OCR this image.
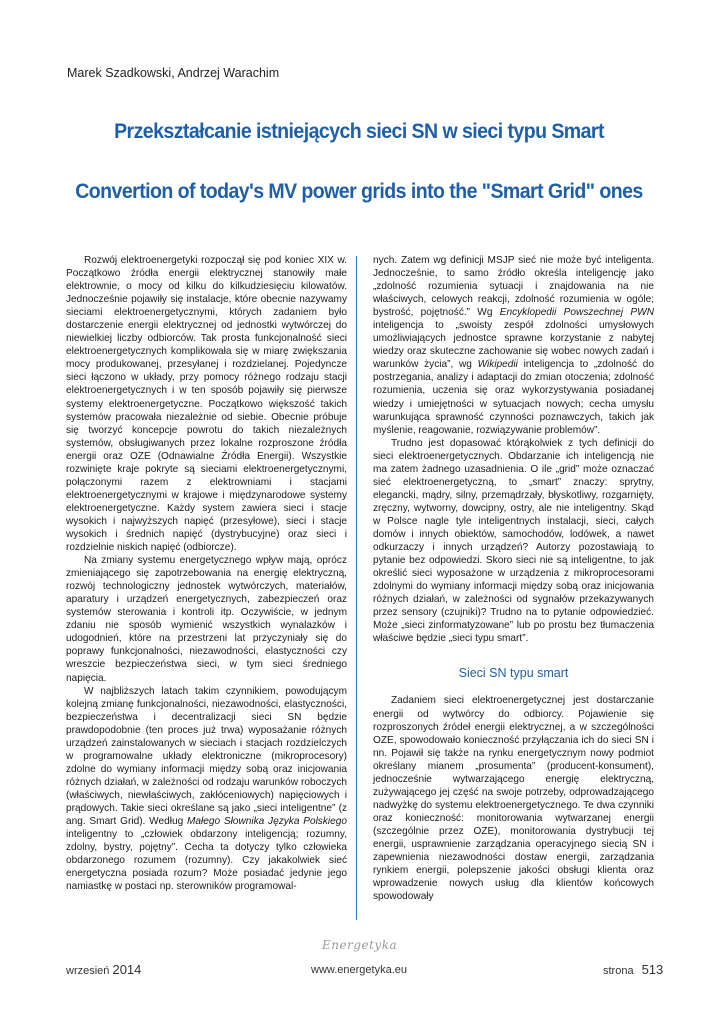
Marek Szadkowski, Andrzej Warachim
Przekształcanie istniejących sieci SN w sieci typu Smart
Convertion of today's MV power grids into the "Smart Grid" ones

Rozwój elektroenergetyki rozpoczął się pod koniec XIX w. Początkowo źródła energii elektrycznej stanowiły małe elektrownie, o mocy od kilku do kilkudziesięciu kilowatów. Jednocześnie pojawiły się instalacje, które obecnie nazywamy sieciami elektroenergetycznymi, których zadaniem było dostarczenie energii elektrycznej od jednostki wytwórczej do niewielkiej liczby odbiorców. Tak prosta funkcjonalność sieci elektroenergetycznych komplikowała się w miarę zwiększania mocy produkowanej, przesyłanej i rozdzielanej. Pojedyncze sieci łączono w układy, przy pomocy różnego rodzaju stacji elektroenergetycznych i w ten sposób pojawiły się pierwsze systemy elektroenergetyczne. Początkowo większość takich systemów pracowała niezależnie od siebie. Obecnie próbuje się tworzyć koncepcje powrotu do takich niezależnych systemów, obsługiwanych przez lokalne rozproszone źródła energii oraz OZE (Odnawialne Źródła Energii). Wszystkie rozwinięte kraje pokryte są sieciami elektroenergetycznymi, połączonymi razem z elektrowniami i stacjami elektroenergetycznymi w krajowe i międzynarodowe systemy elektroenergetyczne. Każdy system zawiera sieci i stacje wysokich i najwyższych napięć (przesyłowe), sieci i stacje wysokich i średnich napięć (dystrybucyjne) oraz sieci i rozdzielnie niskich napięć (odbiorcze).

Na zmiany systemu energetycznego wpływ mają, oprócz zmieniającego się zapotrzebowania na energię elektryczną, rozwój technologiczny jednostek wytwórczych, materiałów, aparatury i urządzeń energetycznych, zabezpieczeń oraz systemów sterowania i kontroli itp. Oczywiście, w jednym zdaniu nie sposób wymienić wszystkich wynalazków i udogodnień, które na przestrzeni lat przyczyniały się do poprawy funkcjonalności, niezawodności, elastyczności czy wreszcie bezpieczeństwa sieci, w tym sieci średniego napięcia.

W najbliższych latach takim czynnikiem, powodującym kolejną zmianę funkcjonalności, niezawodności, elastyczności, bezpieczeństwa i decentralizacji sieci SN będzie prawdopodobnie (ten proces już trwa) wyposażanie różnych urządzeń zainstalowanych w sieciach i stacjach rozdzielczych w programowalne układy elektroniczne (mikroprocesory) zdolne do wymiany informacji między sobą oraz inicjowania różnych działań, w zależności od rodzaju warunków roboczych (właściwych, niewłaściwych, zakłóceniowych) napięciowych i prądowych. Takie sieci określane są jako „sieci inteligentne” (z ang. Smart Grid). Według Małego Słownika Języka Polskiego inteligentny to „człowiek obdarzony inteligencją; rozumny, zdolny, bystry, pojętny”. Cecha ta dotyczy tylko człowieka obdarzonego rozumem (rozumny). Czy jakakolwiek sieć energetyczna posiada rozum? Może posiadać jedynie jego namiastkę w postaci np. sterowników programowal-

nych. Zatem wg definicji MSJP sieć nie może być inteligenta. Jednocześnie, to samo źródło określa inteligencję jako „zdolność rozumienia sytuacji i znajdowania na nie właściwych, celowych reakcji, zdolność rozumienia w ogóle; bystrość, pojętność.” Wg Encyklopedii Powszechnej PWN inteligencja to „swoisty zespół zdolności umysłowych umożliwiających jednostce sprawne korzystanie z nabytej wiedzy oraz skuteczne zachowanie się wobec nowych zadań i warunków życia”, wg Wikipedii inteligencja to „zdolność do postrzegania, analizy i adaptacji do zmian otoczenia; zdolność rozumienia, uczenia się oraz wykorzystywania posiadanej wiedzy i umiejętności w sytuacjach nowych; cecha umysłu warunkująca sprawność czynności poznawczych, takich jak myślenie, reagowanie, rozwiązywanie problemów”.

Trudno jest dopasować którąkolwiek z tych definicji do sieci elektroenergetycznych. Obdarzanie ich inteligencją nie ma zatem żadnego uzasadnienia. O ile „grid” może oznaczać sieć elektroenergetyczną, to „smart” znaczy: sprytny, elegancki, mądry, silny, przemądrzały, błyskotliwy, rozgarnięty, zręczny, wytworny, dowcipny, ostry, ale nie inteligentny. Skąd w Polsce nagle tyle inteligentnych instalacji, sieci, całych domów i innych obiektów, samochodów, lodówek, a nawet odkurzaczy i innych urządzeń? Autorzy pozostawiają to pytanie bez odpowiedzi. Skoro sieci nie są inteligentne, to jak określić sieci wyposażone w urządzenia z mikroprocesorami zdolnymi do wymiany informacji między sobą oraz inicjowania różnych działań, w zależności od sygnałów przekazywanych przez sensory (czujniki)? Trudno na to pytanie odpowiedzieć. Może „sieci zinformatyzowane” lub po prostu bez tłumaczenia właściwe będzie „sieci typu smart”.

Sieci SN typu smart

Zadaniem sieci elektroenergetycznej jest dostarczanie energii od wytwórcy do odbiorcy. Pojawienie się rozproszonych źródeł energii elektrycznej, a w szczególności OZE, spowodowało konieczność przyłączania ich do sieci SN i nn. Pojawił się także na rynku energetycznym nowy podmiot określany mianem „prosumenta” (producent-konsument), jednocześnie wytwarzającego energię elektryczną, zużywającego jej część na swoje potrzeby, odprowadzającego nadwyżkę do systemu elektroenergetycznego. Te dwa czynniki oraz konieczność: monitorowania wytwarzanej energii (szczególnie przez OZE), monitorowania dystrybucji tej energii, usprawnienie zarządzania operacyjnego siecią SN i zapewnienia niezawodności dostaw energii, zarządzania rynkiem energii, polepszenie jakości obsługi klienta oraz wprowadzenie nowych usług dla klientów końcowych spowodowały

Energetyka
wrzesień 2014	www.energetyka.eu	strona 513
